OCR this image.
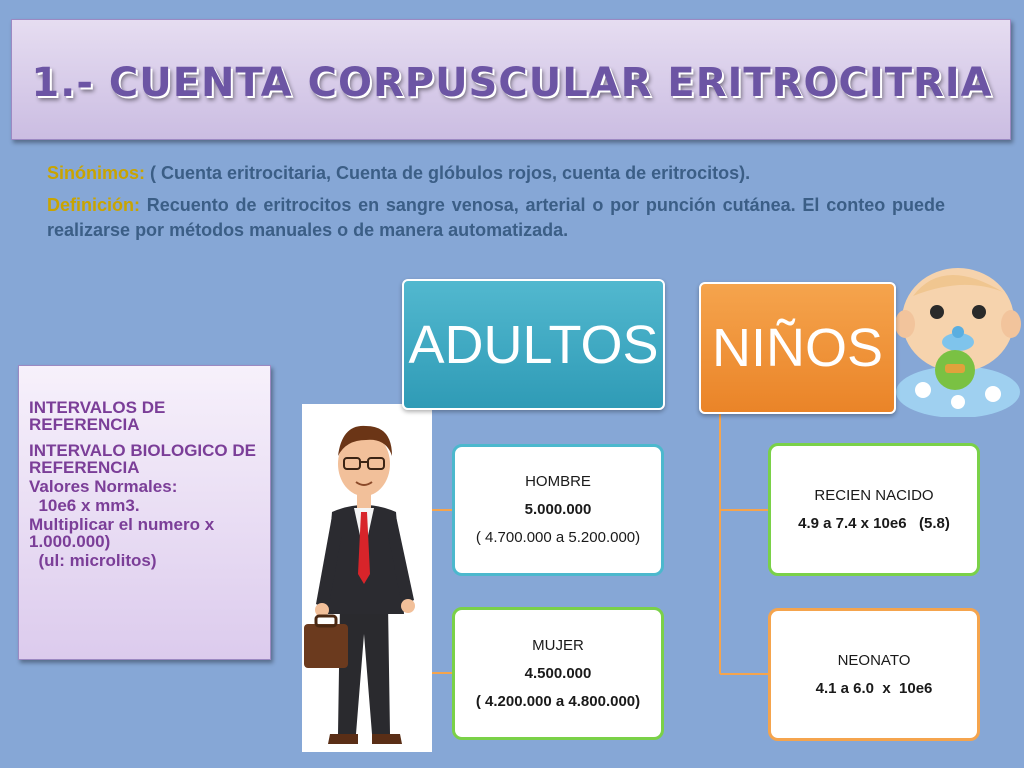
1.- CUENTA CORPUSCULAR ERITROCITRIA
Sinónimos: ( Cuenta eritrocitaria, Cuenta de glóbulos rojos, cuenta de eritrocitos).
Definición: Recuento de eritrocitos en sangre venosa, arterial o por punción cutánea. El conteo puede realizarse por métodos manuales o de manera automatizada.
INTERVALOS DE REFERENCIA
INTERVALO BIOLOGICO DE REFERENCIA
Valores Normales:
10e6 x mm3.
Multiplicar el numero x 1.000.000)
(ul: microlitos)
ADULTOS NIÑOS
HOMBRE
5.000.000
( 4.700.000 a 5.200.000)
MUJER
4.500.000
( 4.200.000 a 4.800.000)
RECIEN NACIDO
4.9 a 7.4 x 10e6   (5.8)
NEONATO
4.1 a 6.0  x  10e6
